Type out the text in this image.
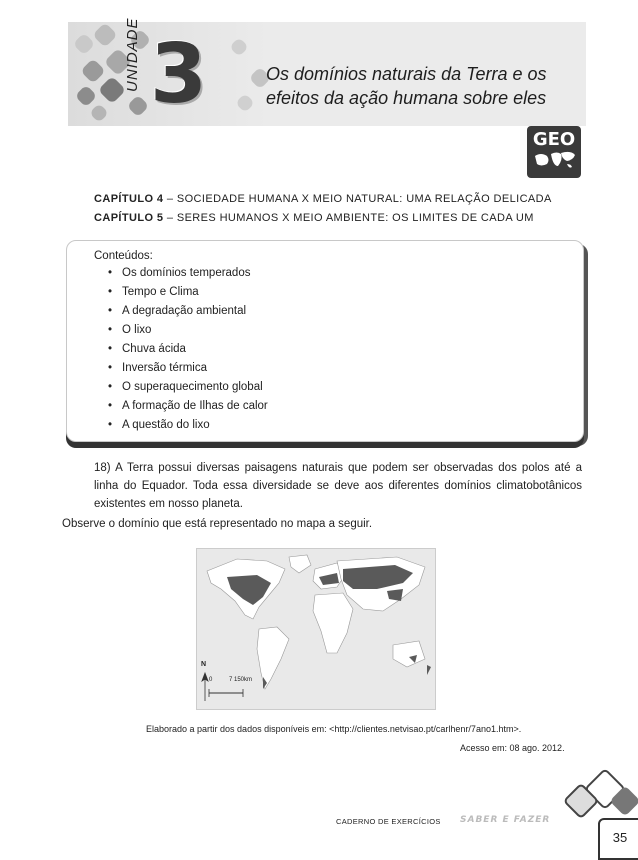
UNIDADE 3	Os domínios naturais da Terra e os
efeitos da ação humana sobre eles
GEO
CAPÍTULO 4 – SOCIEDADE HUMANA X MEIO NATURAL: UMA RELAÇÃO DELICADA
CAPÍTULO 5 – SERES HUMANOS X MEIO AMBIENTE: OS LIMITES DE CADA UM
Conteúdos:
• Os domínios temperados
• Tempo e Clima
• A degradação ambiental
• O lixo
• Chuva ácida
• Inversão térmica
• O superaquecimento global
• A formação de Ilhas de calor
• A questão do lixo
18) A Terra possui diversas paisagens naturais que podem ser observadas dos polos até a linha do Equador. Toda essa diversidade se deve aos diferentes domínios climatobotânicos existentes em nosso planeta.
Observe o domínio que está representado no mapa a seguir.
N
0	7 150km
Elaborado a partir dos dados disponíveis em: <http://clientes.netvisao.pt/carlhenr/7ano1.htm>.
Acesso em: 08 ago. 2012.
CADERNO DE EXERCÍCIOS SABER E FAZER
35
